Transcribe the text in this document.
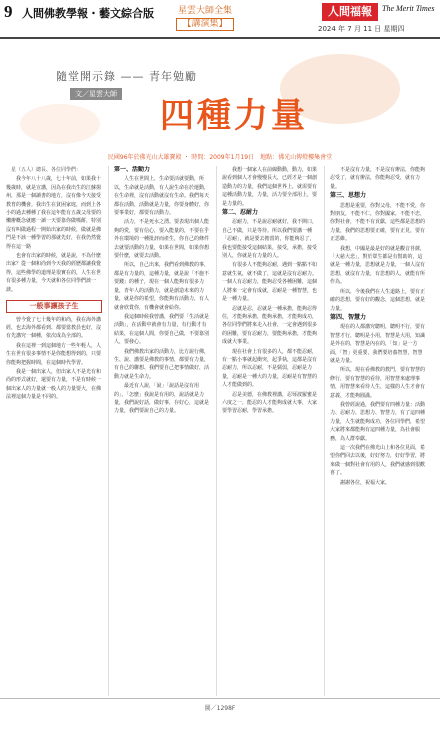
9 人間佛教學報・藝文綜合版	星雲大師全集
【講演集】
人間福報	The Merit Times
2024 年 7 月 11 日 星期四
隨堂開示錄 —— 青年勉勵
文／星雲大師
四種力量
民國96年於佛光山大雄寶殿 ・ 時間：2009年1月19日　地點：佛光山傳燈樓集會堂

　星（五人）總長、各位同學們：

我今年八十八歲，七十年前，如果我十幾歲時，就是宣講，因為在我出生的江蘇揚州，那是一個讀書的地方，沒有像今天接受教育的機會。我出生在貧困家庭，而到上各小的過去種種了我在這年能有五歲父母要的懶辦概念就應一讀一天要靠你做嗎餅，特別沒有叫做過程一開始出家的時候，做就是佛門是不該一種學習的那就先好，在我仍然覺得在這一路

也會有出家的時候，就是說，不為什麼出家？從一個和尚到今天我的經歷都讓我覺得，這些佛學的道理是很實在的，人生在世有很多種力量，今天就和各位同學們談一談。

一般事讓孩子生

曾今覺了七十幾年的和尚，我在海外講經，也去海外都看到、都要當教員也好，沒有先講究一個種，依次成為全部的。

我在這裡一到這個地方一些年輕人，人生在世有很多事情不是你能想得到的，只要你能夠把握時間，在這個時代學習。

我是一個出家人，但出家人不是光有和尚的形式就好，還要有力量，不是有時候一個出家人的力量就一般人的力量要大，在佛法裡這個力量是不同的。

第一、活動力

人生在世間上，生命要活就要動，所以，生命就是活動，有人說生命在於運動，在生命裡，沒有活動就沒有生命。我們每天都在活動，活動就是力量，你要身體好，你要事業好，都要有活動力。

活力，不是死水之湧。要表現出個人能夠的愛，要有信心，要入能量的，不要在乎外在環境的一種批評而產生，你自己的條件去就要活動的力量，如果在世間，如果你想要什麼，就要去活動。

所以，自己出來，我們看到佛教的事，都是有力量的，這種力量，就是說「不施不要錢」的種子，現在一個人能夠有很多力量，青年人的活動力，就是創造未來的力量，就是你的希望，你能夠有活動力，有人就會欣賞你，有機會就會給你。

我這個時候我曾講，我們要「生活就是活動」，在活動中就會有力量，有行動才有結果，在這個人間，你要自己做，不要靠別人，要發心。

我們佛教出家的活動力，比方說行佛，生、說、講要是佛教的事情，都要有力量，有自己的聯想、我們要自己把事情做好，活動力就是生命力。

最近有人說，「說」「說話是沒有用的」、「怎麼」我說是有用的，說話就是力量，我們說好話，做好事，存好心，這就是力量，我們要說自己的力量。

我想一個家人在前線動動，動力，如果說看到個人才會慢慢長大，已經才是一個創造動力的力量，我們這個世界上，就需要有這種活動力量，力量，活力要全部用上，要是力量的。

第二、忍耐力

忍耐力，不是說忍耐就好，我不開口，自己不做，只是等待。所以我們要講一種「忍耐」，就是要去擔當的，你能夠忍了，我也要能接受這個結果，接受，承擔，接受別人，你就是有力量的人。

有很多人不能夠忍耐，遇到一點點不如意就生氣，就不做了，這就是沒有忍耐力。一個人有忍耐力，能夠忍受各種困難，這個人將來一定會有成就，忍耐是一種智慧，也是一種力量。

忍就是忍，忍就是一種承擔，能夠忍得住，才能夠承擔，能夠承擔，才能夠成功，各位同學們將來走入社會，一定會遇到很多的困難，要有忍耐力，要能夠承擔，才能夠成就大事業。

現在社會上有很多的人，都不能忍耐，有一點小事就起衝突，起爭執，這都是沒有忍耐力，所以忍耐，不是懦弱，忍耐是力量，忍耐是一種大的力量，忍耐是有智慧的人才能做到的。

忍是美德，在佛教裡講，忍辱波羅蜜是六度之一，能忍的人才能夠成就大事，大家要學習忍耐，學習承擔。

不是沒有力量，不是沒有辦法，你能夠忍受了，就有辦法，你能夠忍受，就有力量。

第三、思想力

思想是重要，你對父母，不能不愛，你對朋友，不能不仁，你對國家，不能不忠，你對社會，不能不有貢獻，這些都是思想的力量，我們的思想要正確，要有正見，要有正思維。

我想，中國是最是好的就是觀音菩薩，「大慈大悲」，對於眾生都是有幫助的，這就是一種力量，思想就是力量，一個人沒有思想，就沒有力量，有思想的人，就能有所作為。

所以，今後我們在人生道路上，要有正確的思想，要有好的觀念，這個思想，就是力量。

第四、智慧力

現在的人都講究聰明，聰明不行，要有智慧才行，聰明是小用，智慧是大用，知識是外在的，智慧是內在的，「知」是一方面，「智」更重要，我們要培養智慧，智慧就是力量。

所以，現在看佛教的教門，要有智慧的修行，要有智慧的看待，用智慧來處理事情，用智慧來看待人生，這樣的人生才會有意義，才能夠圓滿。

我曾經說過，我們要有四種力量：活動力、忍耐力、思想力、智慧力，有了這四種力量，人生就能夠成功，各位同學們，希望大家將來都能夠有這四種力量，為社會服務，為人群奉獻。

這一次我們在佛光山上和各位見面，希望你們回去以後，好好努力，好好學習，將來做一個對社會有用的人，我們就感到很歡喜了。

謝謝各位，祝福大家。

圖／1298F
